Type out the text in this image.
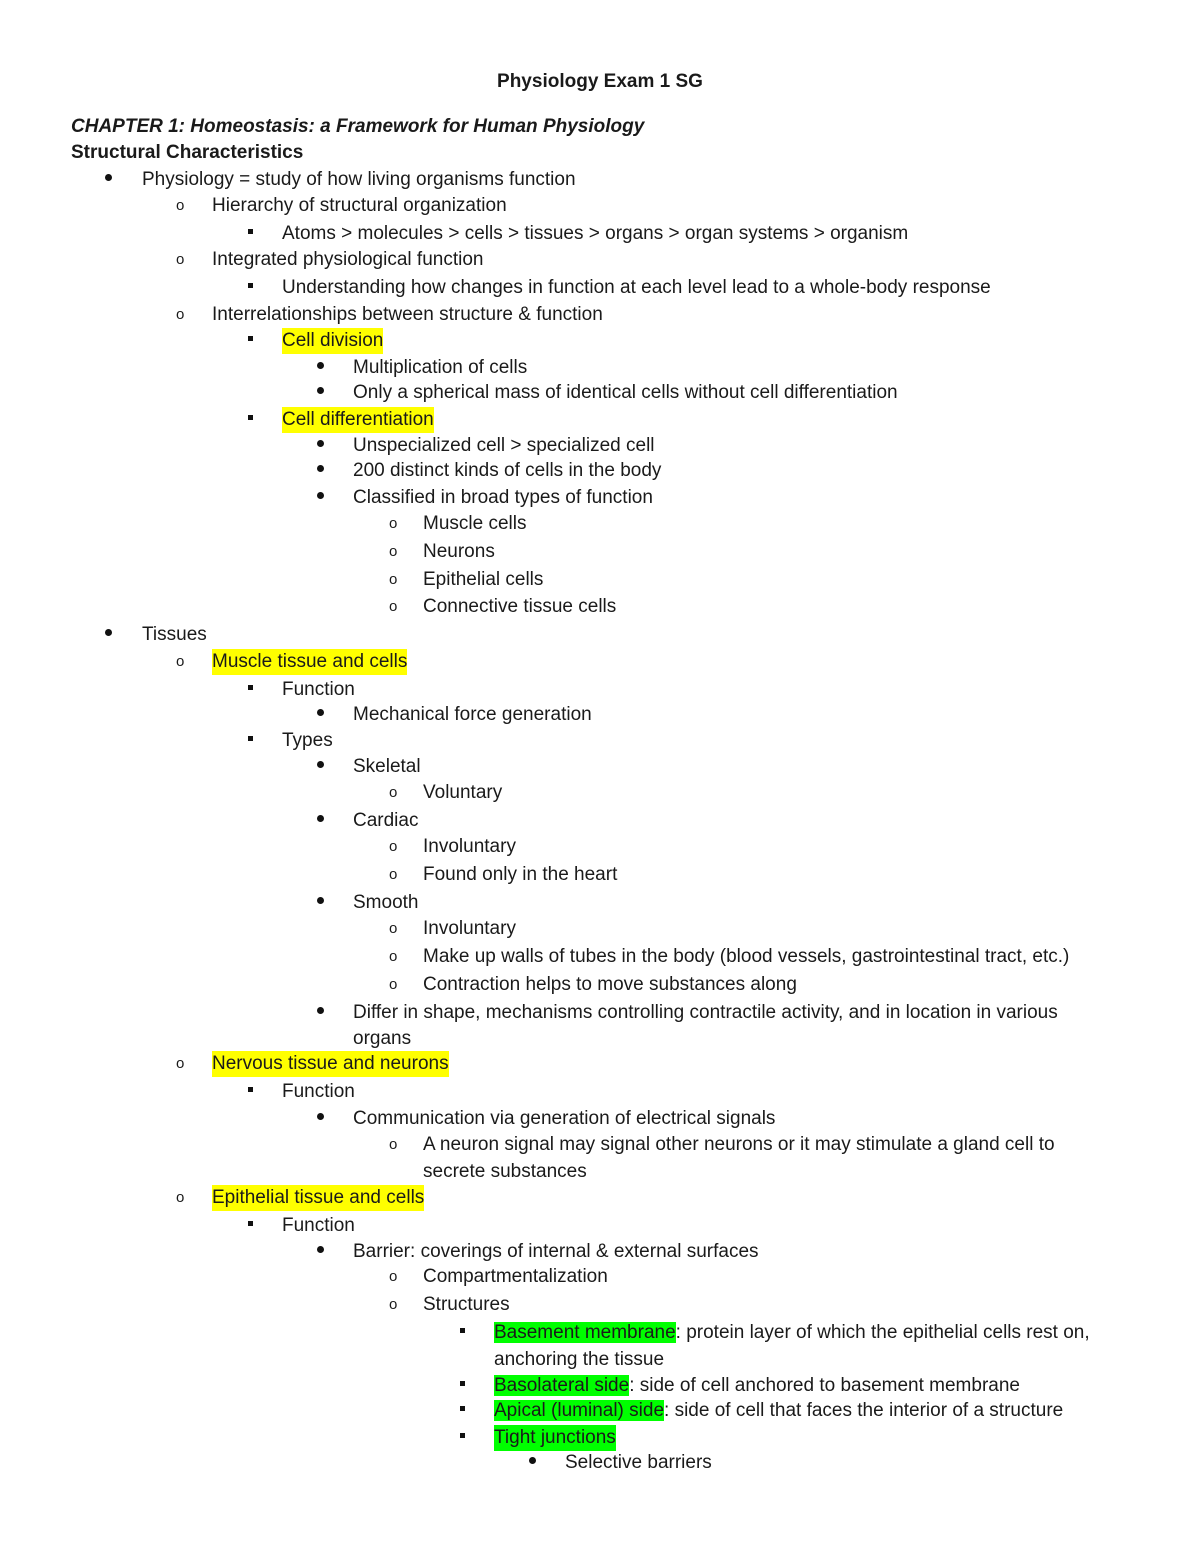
Physiology Exam 1 SG
CHAPTER 1: Homeostasis: a Framework for Human Physiology
Structural Characteristics
Physiology = study of how living organisms function
o Hierarchy of structural organization
Atoms > molecules > cells > tissues > organs > organ systems > organism
o Integrated physiological function
Understanding how changes in function at each level lead to a whole-body response
o Interrelationships between structure & function
Cell division
Multiplication of cells
Only a spherical mass of identical cells without cell differentiation
Cell differentiation
Unspecialized cell > specialized cell
200 distinct kinds of cells in the body
Classified in broad types of function
o Muscle cells
o Neurons
o Epithelial cells
o Connective tissue cells
Tissues
o Muscle tissue and cells
Function
Mechanical force generation
Types
Skeletal
o Voluntary
Cardiac
o Involuntary
o Found only in the heart
Smooth
o Involuntary
o Make up walls of tubes in the body (blood vessels, gastrointestinal tract, etc.)
o Contraction helps to move substances along
Differ in shape, mechanisms controlling contractile activity, and in location in various
organs
o Nervous tissue and neurons
Function
Communication via generation of electrical signals
o A neuron signal may signal other neurons or it may stimulate a gland cell to
secrete substances
o Epithelial tissue and cells
Function
Barrier: coverings of internal & external surfaces
o Compartmentalization
o Structures
Basement membrane: protein layer of which the epithelial cells rest on,
anchoring the tissue
Basolateral side: side of cell anchored to basement membrane
Apical (luminal) side: side of cell that faces the interior of a structure
Tight junctions
Selective barriers
